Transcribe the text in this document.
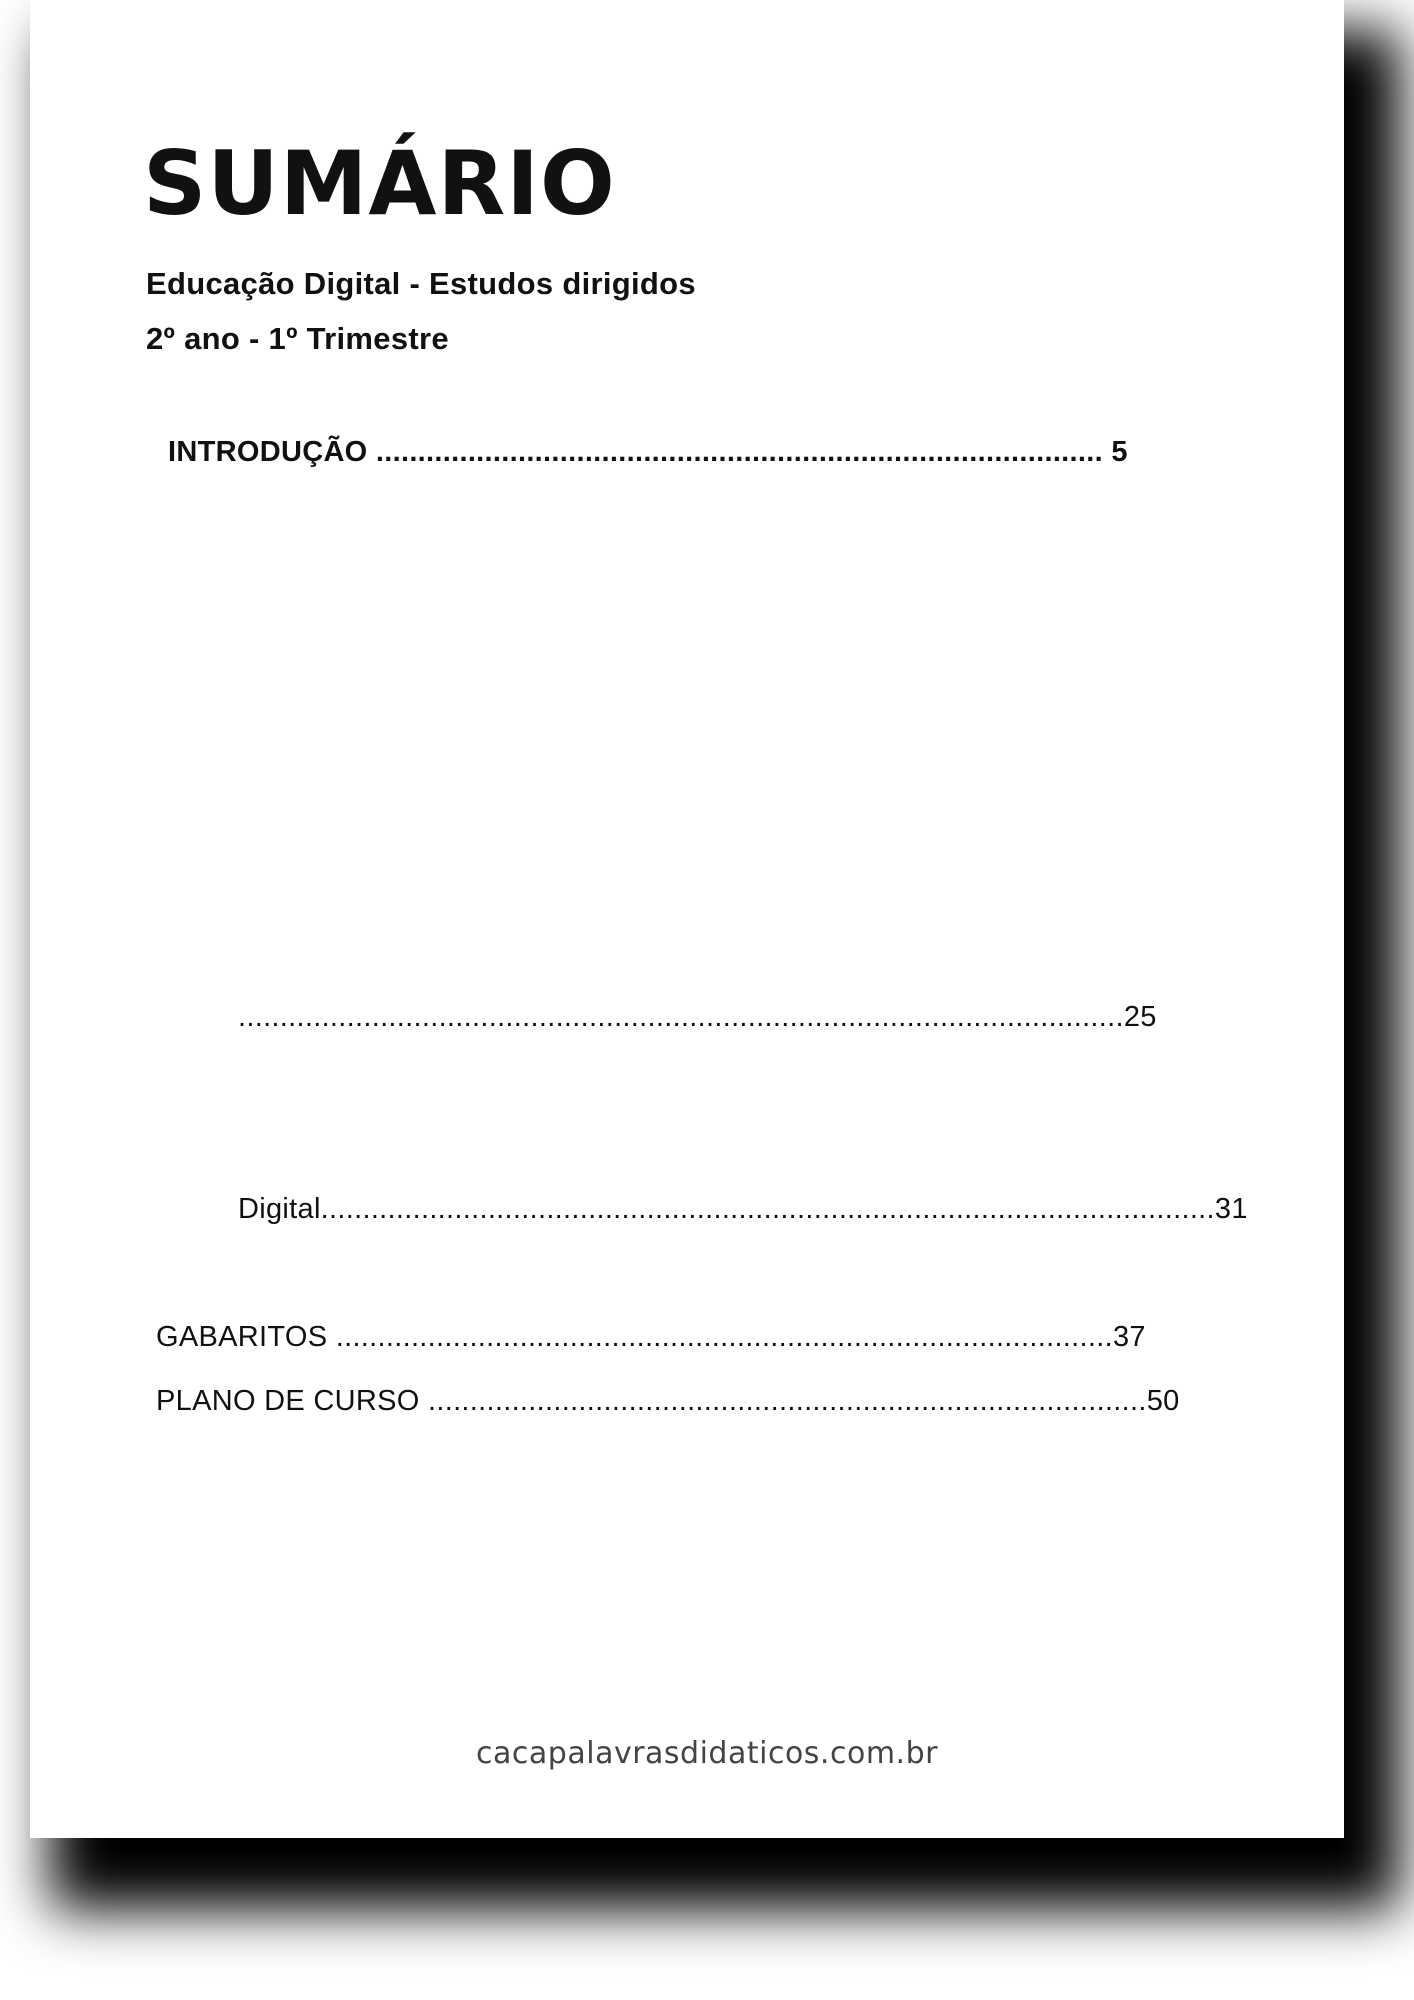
SUMÁRIO

Educação Digital - Estudos dirigidos

2º ano - 1º Trimestre

INTRODUÇÃO ....................................................................................... 5
..........................................................................................................25
Digital...........................................................................................................31
GABARITOS .............................................................................................37
PLANO DE CURSO ......................................................................................50
cacapalavrasdidaticos.com.br
